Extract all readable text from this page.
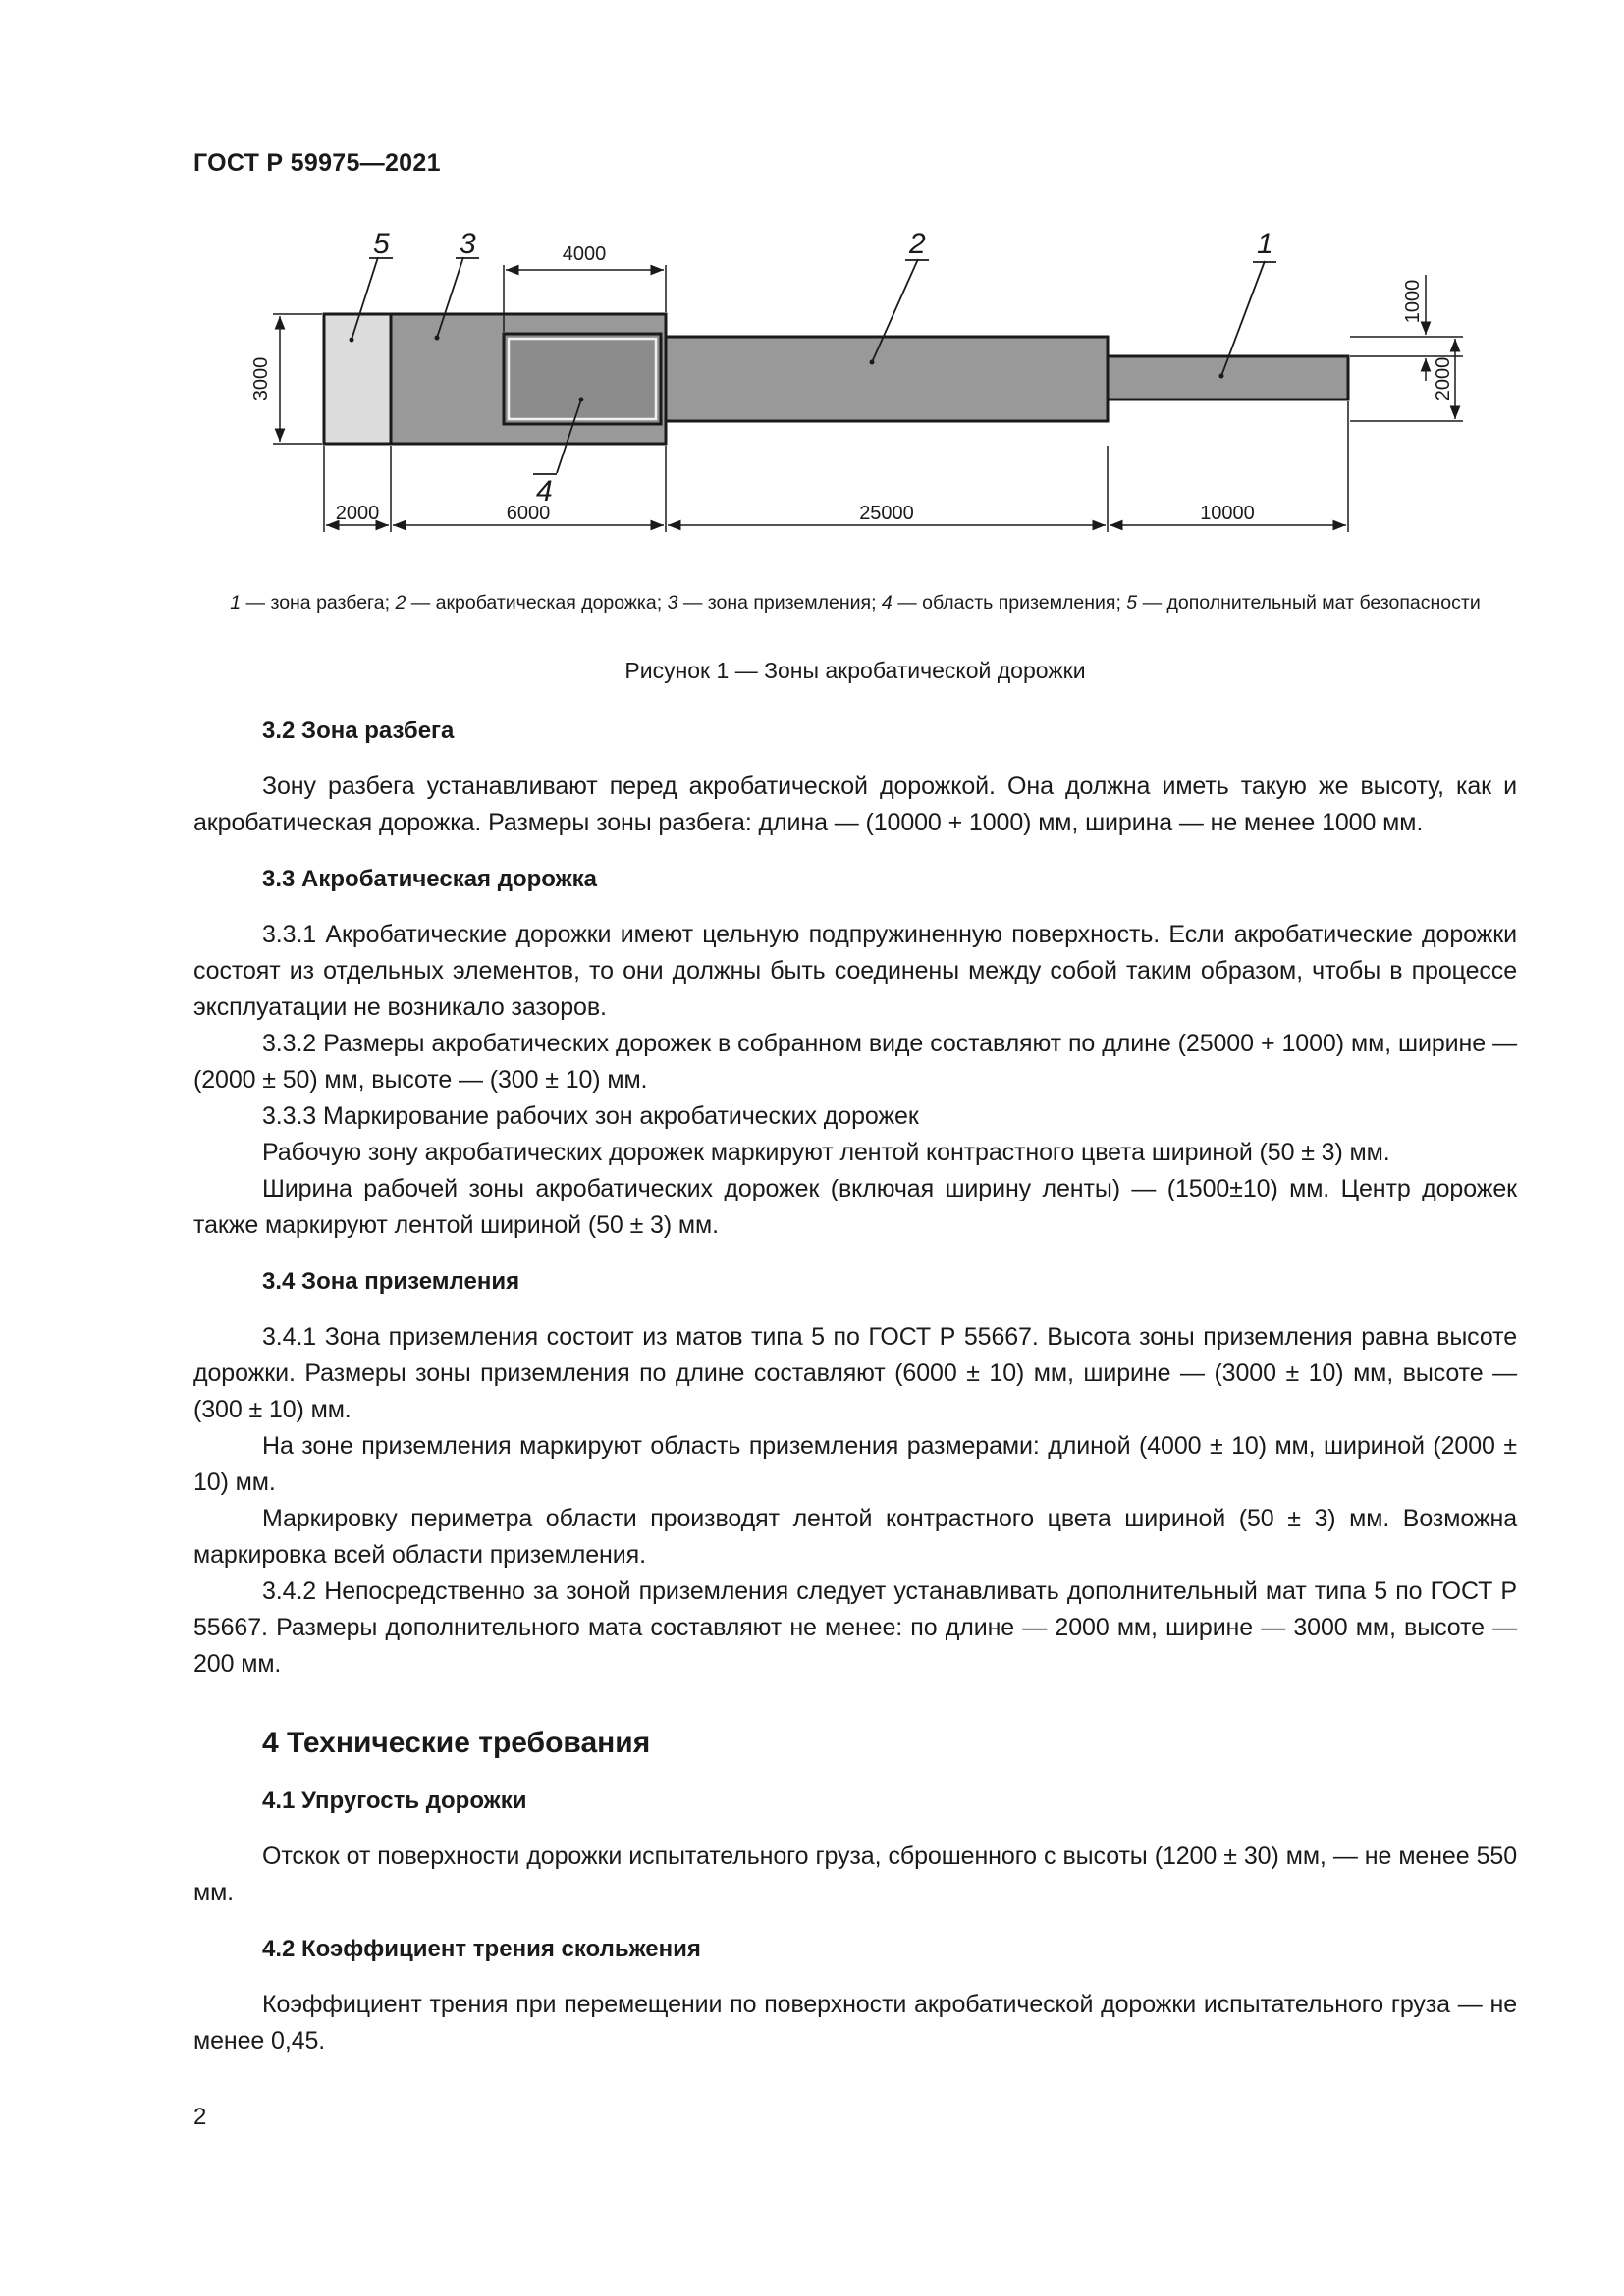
ГОСТ Р 59975—2021
5 3	2	1
4
4000
3000
1000
2000
2000	6000	25000	10000
1 — зона разбега; 2 — акробатическая дорожка; 3 — зона приземления; 4 — область приземления; 5 — дополнительный мат безопасности
Рисунок 1 — Зоны акробатической дорожки
3.2 Зона разбега

Зону разбега устанавливают перед акробатической дорожкой. Она должна иметь такую же высоту, как и акробатическая дорожка. Размеры зоны разбега: длина — (10000 + 1000) мм, ширина — не менее 1000 мм.

3.3 Акробатическая дорожка

3.3.1 Акробатические дорожки имеют цельную подпружиненную поверхность. Если акробатические дорожки состоят из отдельных элементов, то они должны быть соединены между собой таким образом, чтобы в процессе эксплуатации не возникало зазоров.

3.3.2 Размеры акробатических дорожек в собранном виде составляют по длине (25000 + 1000) мм, ширине — (2000 ± 50) мм, высоте — (300 ± 10) мм.

3.3.3 Маркирование рабочих зон акробатических дорожек

Рабочую зону акробатических дорожек маркируют лентой контрастного цвета шириной (50 ± 3) мм.

Ширина рабочей зоны акробатических дорожек (включая ширину ленты) — (1500±10) мм. Центр дорожек также маркируют лентой шириной (50 ± 3) мм.

3.4 Зона приземления

3.4.1 Зона приземления состоит из матов типа 5 по ГОСТ Р 55667. Высота зоны приземления равна высоте дорожки. Размеры зоны приземления по длине составляют (6000 ± 10) мм, ширине — (3000 ± 10) мм, высоте — (300 ± 10) мм.

На зоне приземления маркируют область приземления размерами: длиной (4000 ± 10) мм, шириной (2000 ± 10) мм.

Маркировку периметра области производят лентой контрастного цвета шириной (50 ± 3) мм. Возможна маркировка всей области приземления.

3.4.2 Непосредственно за зоной приземления следует устанавливать дополнительный мат типа 5 по ГОСТ Р 55667. Размеры дополнительного мата составляют не менее: по длине — 2000 мм, ширине — 3000 мм, высоте — 200 мм.

4 Технические требования
4.1 Упругость дорожки

Отскок от поверхности дорожки испытательного груза, сброшенного с высоты (1200 ± 30) мм, — не менее 550 мм.

4.2 Коэффициент трения скольжения

Коэффициент трения при перемещении по поверхности акробатической дорожки испытательного груза — не менее 0,45.

2
